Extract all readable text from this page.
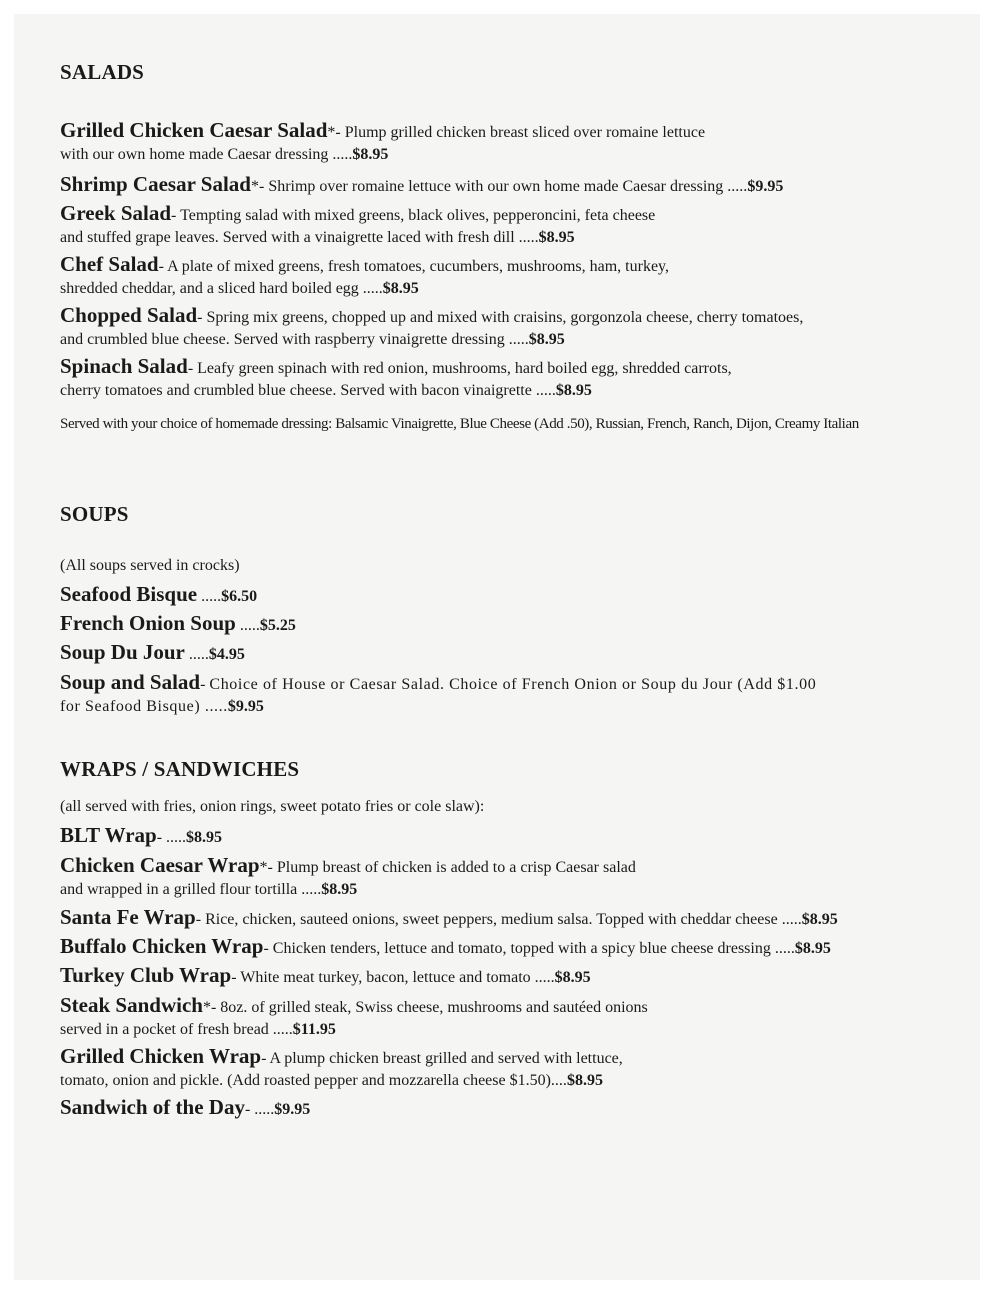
SALADS

Grilled Chicken Caesar Salad*- Plump grilled chicken breast sliced over romaine lettuce

with our own home made Caesar dressing .....$8.95

Shrimp Caesar Salad*- Shrimp over romaine lettuce with our own home made Caesar dressing .....$9.95

Greek Salad- Tempting salad with mixed greens, black olives, pepperoncini, feta cheese

and stuffed grape leaves. Served with a vinaigrette laced with fresh dill .....$8.95

Chef Salad- A plate of mixed greens, fresh tomatoes, cucumbers, mushrooms, ham, turkey,

shredded cheddar, and a sliced hard boiled egg .....$8.95

Chopped Salad- Spring mix greens, chopped up and mixed with craisins, gorgonzola cheese, cherry tomatoes,

and crumbled blue cheese. Served with raspberry vinaigrette dressing .....$8.95

Spinach Salad- Leafy green spinach with red onion, mushrooms, hard boiled egg, shredded carrots,

cherry tomatoes and crumbled blue cheese. Served with bacon vinaigrette .....$8.95

Served with your choice of homemade dressing: Balsamic Vinaigrette, Blue Cheese (Add .50), Russian, French, Ranch, Dijon, Creamy Italian

SOUPS

(All soups served in crocks)

Seafood Bisque .....$6.50

French Onion Soup .....$5.25

Soup Du Jour .....$4.95

Soup and Salad- Choice of House or Caesar Salad. Choice of French Onion or Soup du Jour (Add $1.00

for Seafood Bisque) .....$9.95

WRAPS / SANDWICHES

(all served with fries, onion rings, sweet potato fries or cole slaw):

BLT Wrap- .....$8.95

Chicken Caesar Wrap*- Plump breast of chicken is added to a crisp Caesar salad

and wrapped in a grilled flour tortilla .....$8.95

Santa Fe Wrap- Rice, chicken, sauteed onions, sweet peppers, medium salsa. Topped with cheddar cheese .....$8.95

Buffalo Chicken Wrap- Chicken tenders, lettuce and tomato, topped with a spicy blue cheese dressing .....$8.95

Turkey Club Wrap- White meat turkey, bacon, lettuce and tomato .....$8.95

Steak Sandwich*- 8oz. of grilled steak, Swiss cheese, mushrooms and sautéed onions

served in a pocket of fresh bread .....$11.95

Grilled Chicken Wrap- A plump chicken breast grilled and served with lettuce,

tomato, onion and pickle. (Add roasted pepper and mozzarella cheese $1.50)....$8.95

Sandwich of the Day- .....$9.95
